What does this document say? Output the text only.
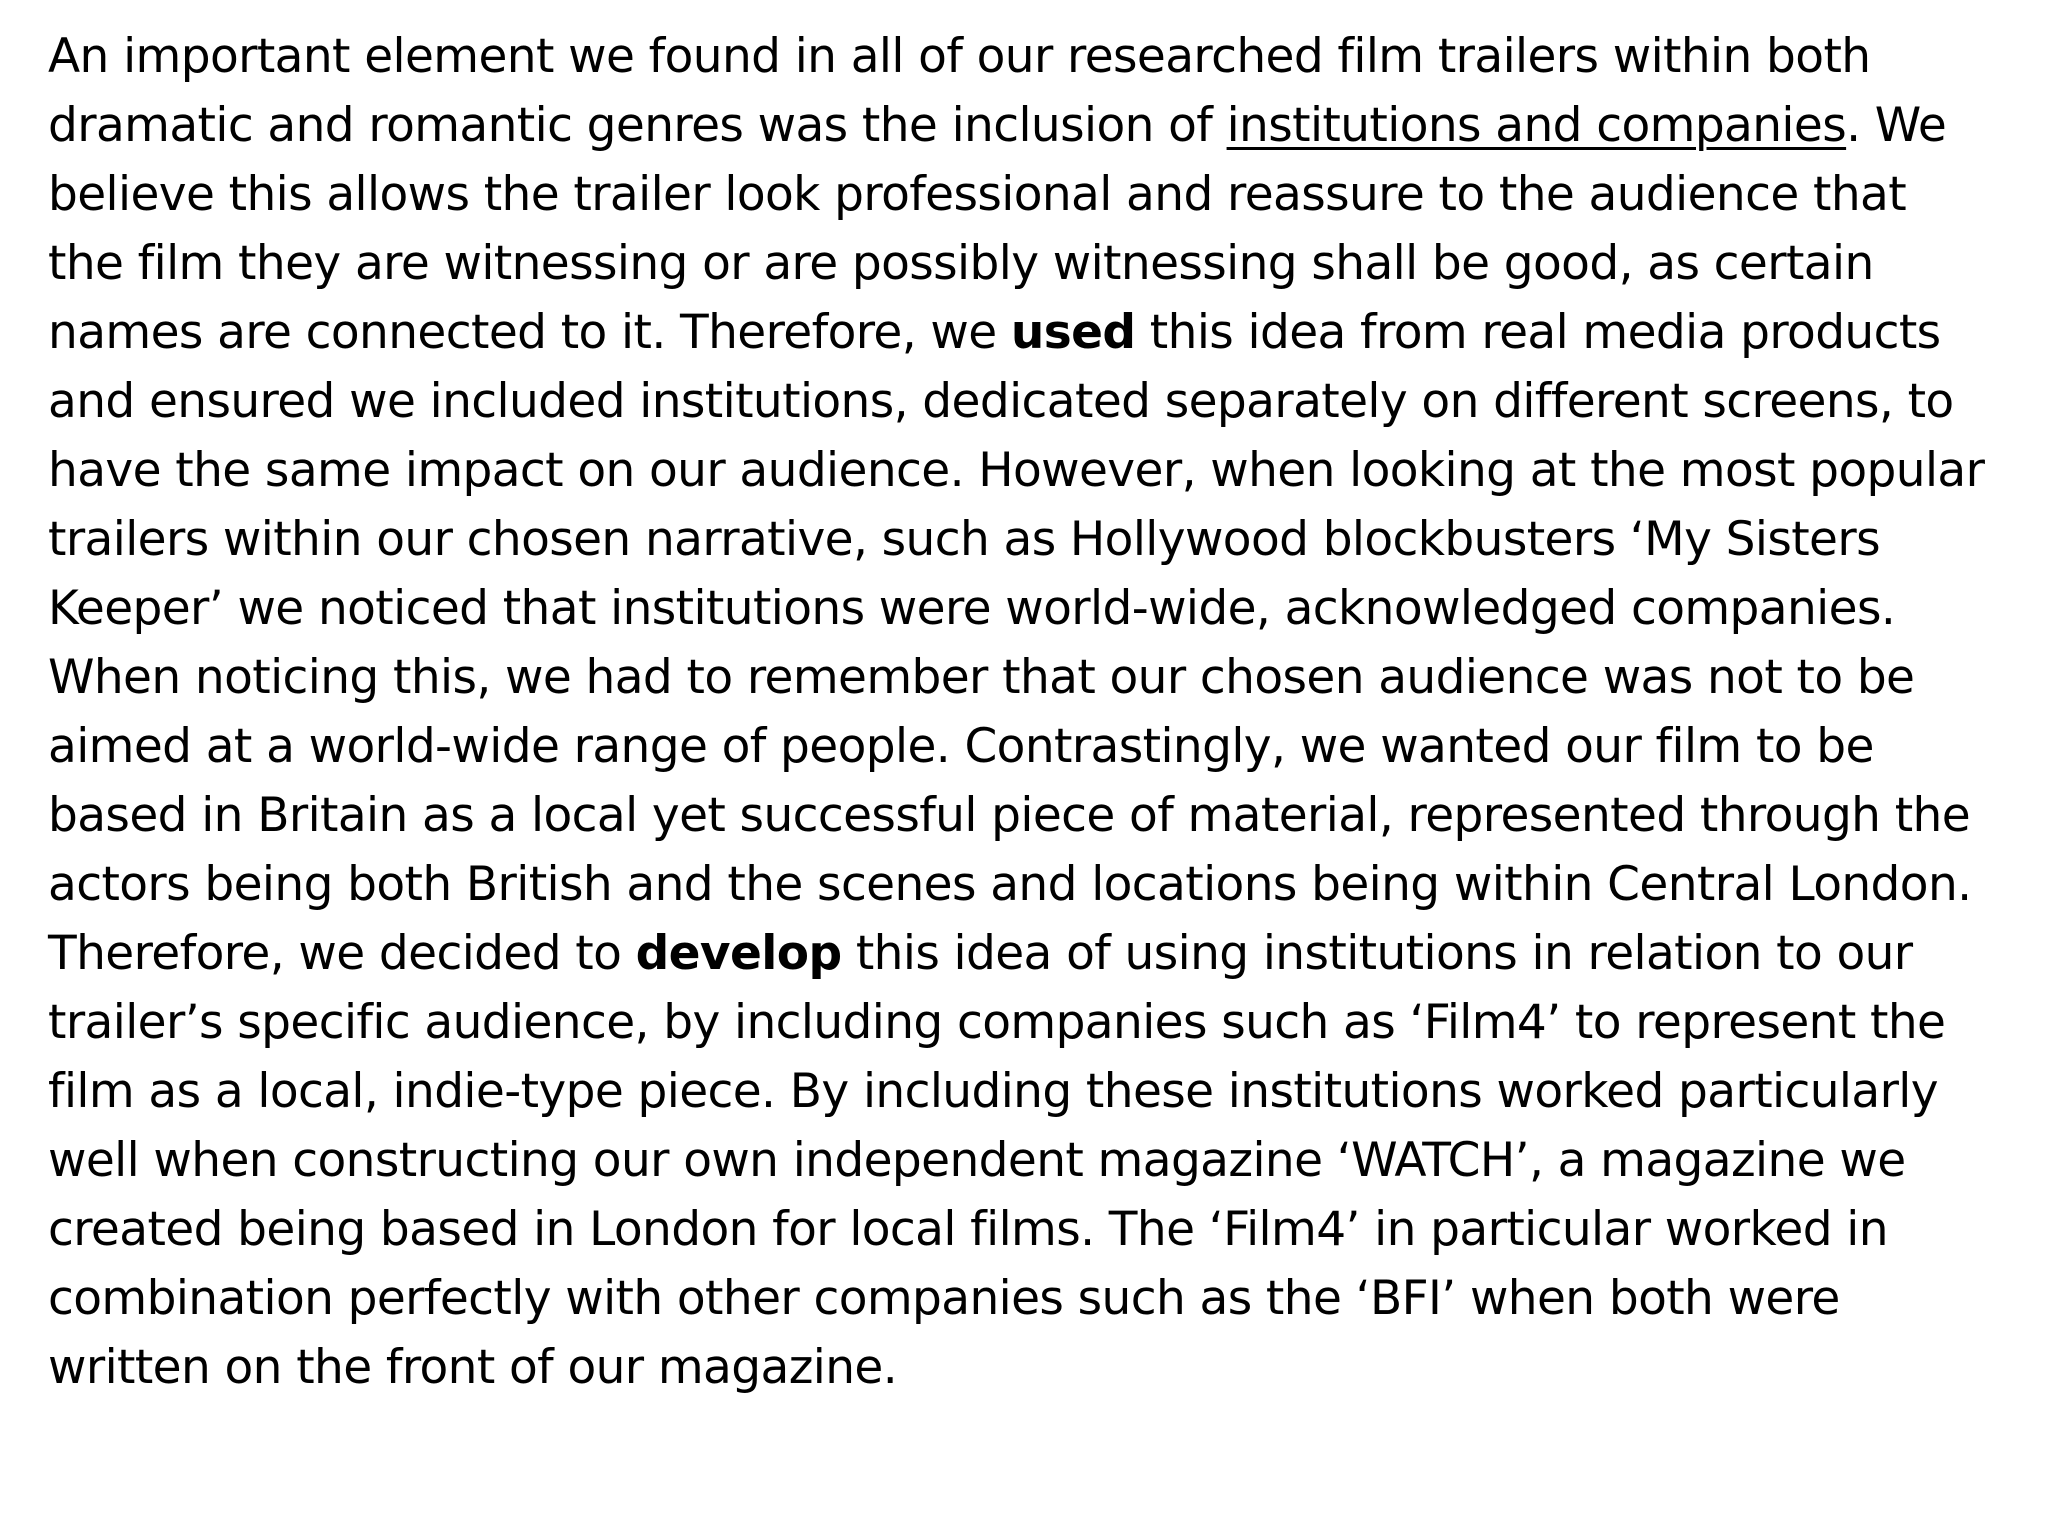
An important element we found in all of our researched film trailers within both
dramatic and romantic genres was the inclusion of institutions and companies. We
believe this allows the trailer look professional and reassure to the audience that
the film they are witnessing or are possibly witnessing shall be good, as certain
names are connected to it. Therefore, we used this idea from real media products
and ensured we included institutions, dedicated separately on different screens, to
have the same impact on our audience. However, when looking at the most popular
trailers within our chosen narrative, such as Hollywood blockbusters ‘My Sisters
Keeper’ we noticed that institutions were world-wide, acknowledged companies.
When noticing this, we had to remember that our chosen audience was not to be
aimed at a world-wide range of people. Contrastingly, we wanted our film to be
based in Britain as a local yet successful piece of material, represented through the
actors being both British and the scenes and locations being within Central London.
Therefore, we decided to develop this idea of using institutions in relation to our
trailer’s specific audience, by including companies such as ‘Film4’ to represent the
film as a local, indie-type piece. By including these institutions worked particularly
well when constructing our own independent magazine ‘WATCH’, a magazine we
created being based in London for local films. The ‘Film4’ in particular worked in
combination perfectly with other companies such as the ‘BFI’ when both were
written on the front of our magazine.
